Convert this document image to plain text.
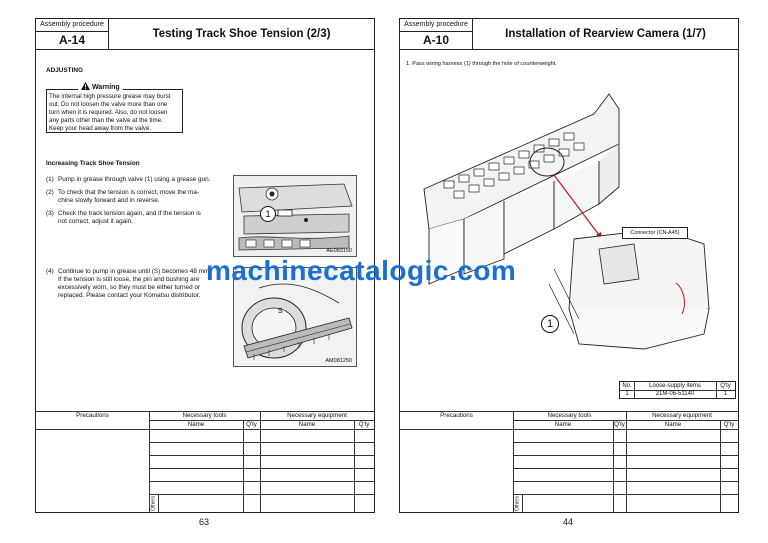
Assembly procedure
A-14	Testing Track Shoe Tension (2/3)
ADJUSTING
Warning
The internal high pressure grease may burst
out. Do not loosen the valve more than one
turn when it is required. Also, do not loosen
any parts other than the valve at the time.
Keep your head away from the valve.
Increasing Track Shoe Tension
(1) Pump in grease through valve (1) using a grease gun.
(2) To check that the tension is correct, move the ma-
chine slowly forward and in reverse.
(3) Check the track tension again, and if the tension is
not correct, adjust it again.
(4) Continue to pump in grease until (S) becomes 48 mm.
If the tension is still loose, the pin and bushing are
excessively worn, so they must be either turned or
replaced. Please contact your Komatsu distributor.
1
AE083150
S
AM081250
Precautions	Necessary tools	Necessary equipment
Name	Q'ty	Name	Q'ty
Others
63
Assembly procedure
A-10	Installation of Rearview Camera (1/7)
1. Pass wiring harness (1) through the hole of counterweight.
Connector (CN-A45)
1
No.	Loose-supply items	Q'ty
1	21M-06-51140	1
Precautions	Necessary tools	Necessary equipment
Name	Q'ty	Name	Q'ty
Others
44
machinecatalogic.com
